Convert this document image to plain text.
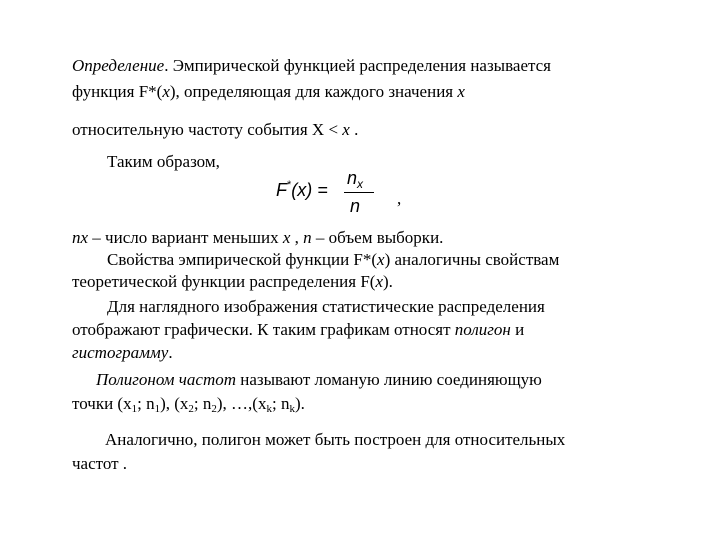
Определение. Эмпирической функцией распределения называется
функция F*(x), определяющая для каждого значения x
относительную частоту события X < x .
Таким образом,
F*(x) =
$n_x$
n ,
nx – число вариант меньших x , n – объем выборки.
Свойства эмпирической функции F*(x) аналогичны свойствам
теоретической функции распределения F(x).
Для наглядного изображения статистические распределения
отображают графически. К таким графикам относят полигон и
гистограмму.
Полигоном частот называют ломаную линию соединяющую
точки ($x_1$; $n_1$), ($x_2$; $n_2$), $\dots,(x_k$; $n_k$).
Аналогично, полигон может быть построен для относительных
частот .
